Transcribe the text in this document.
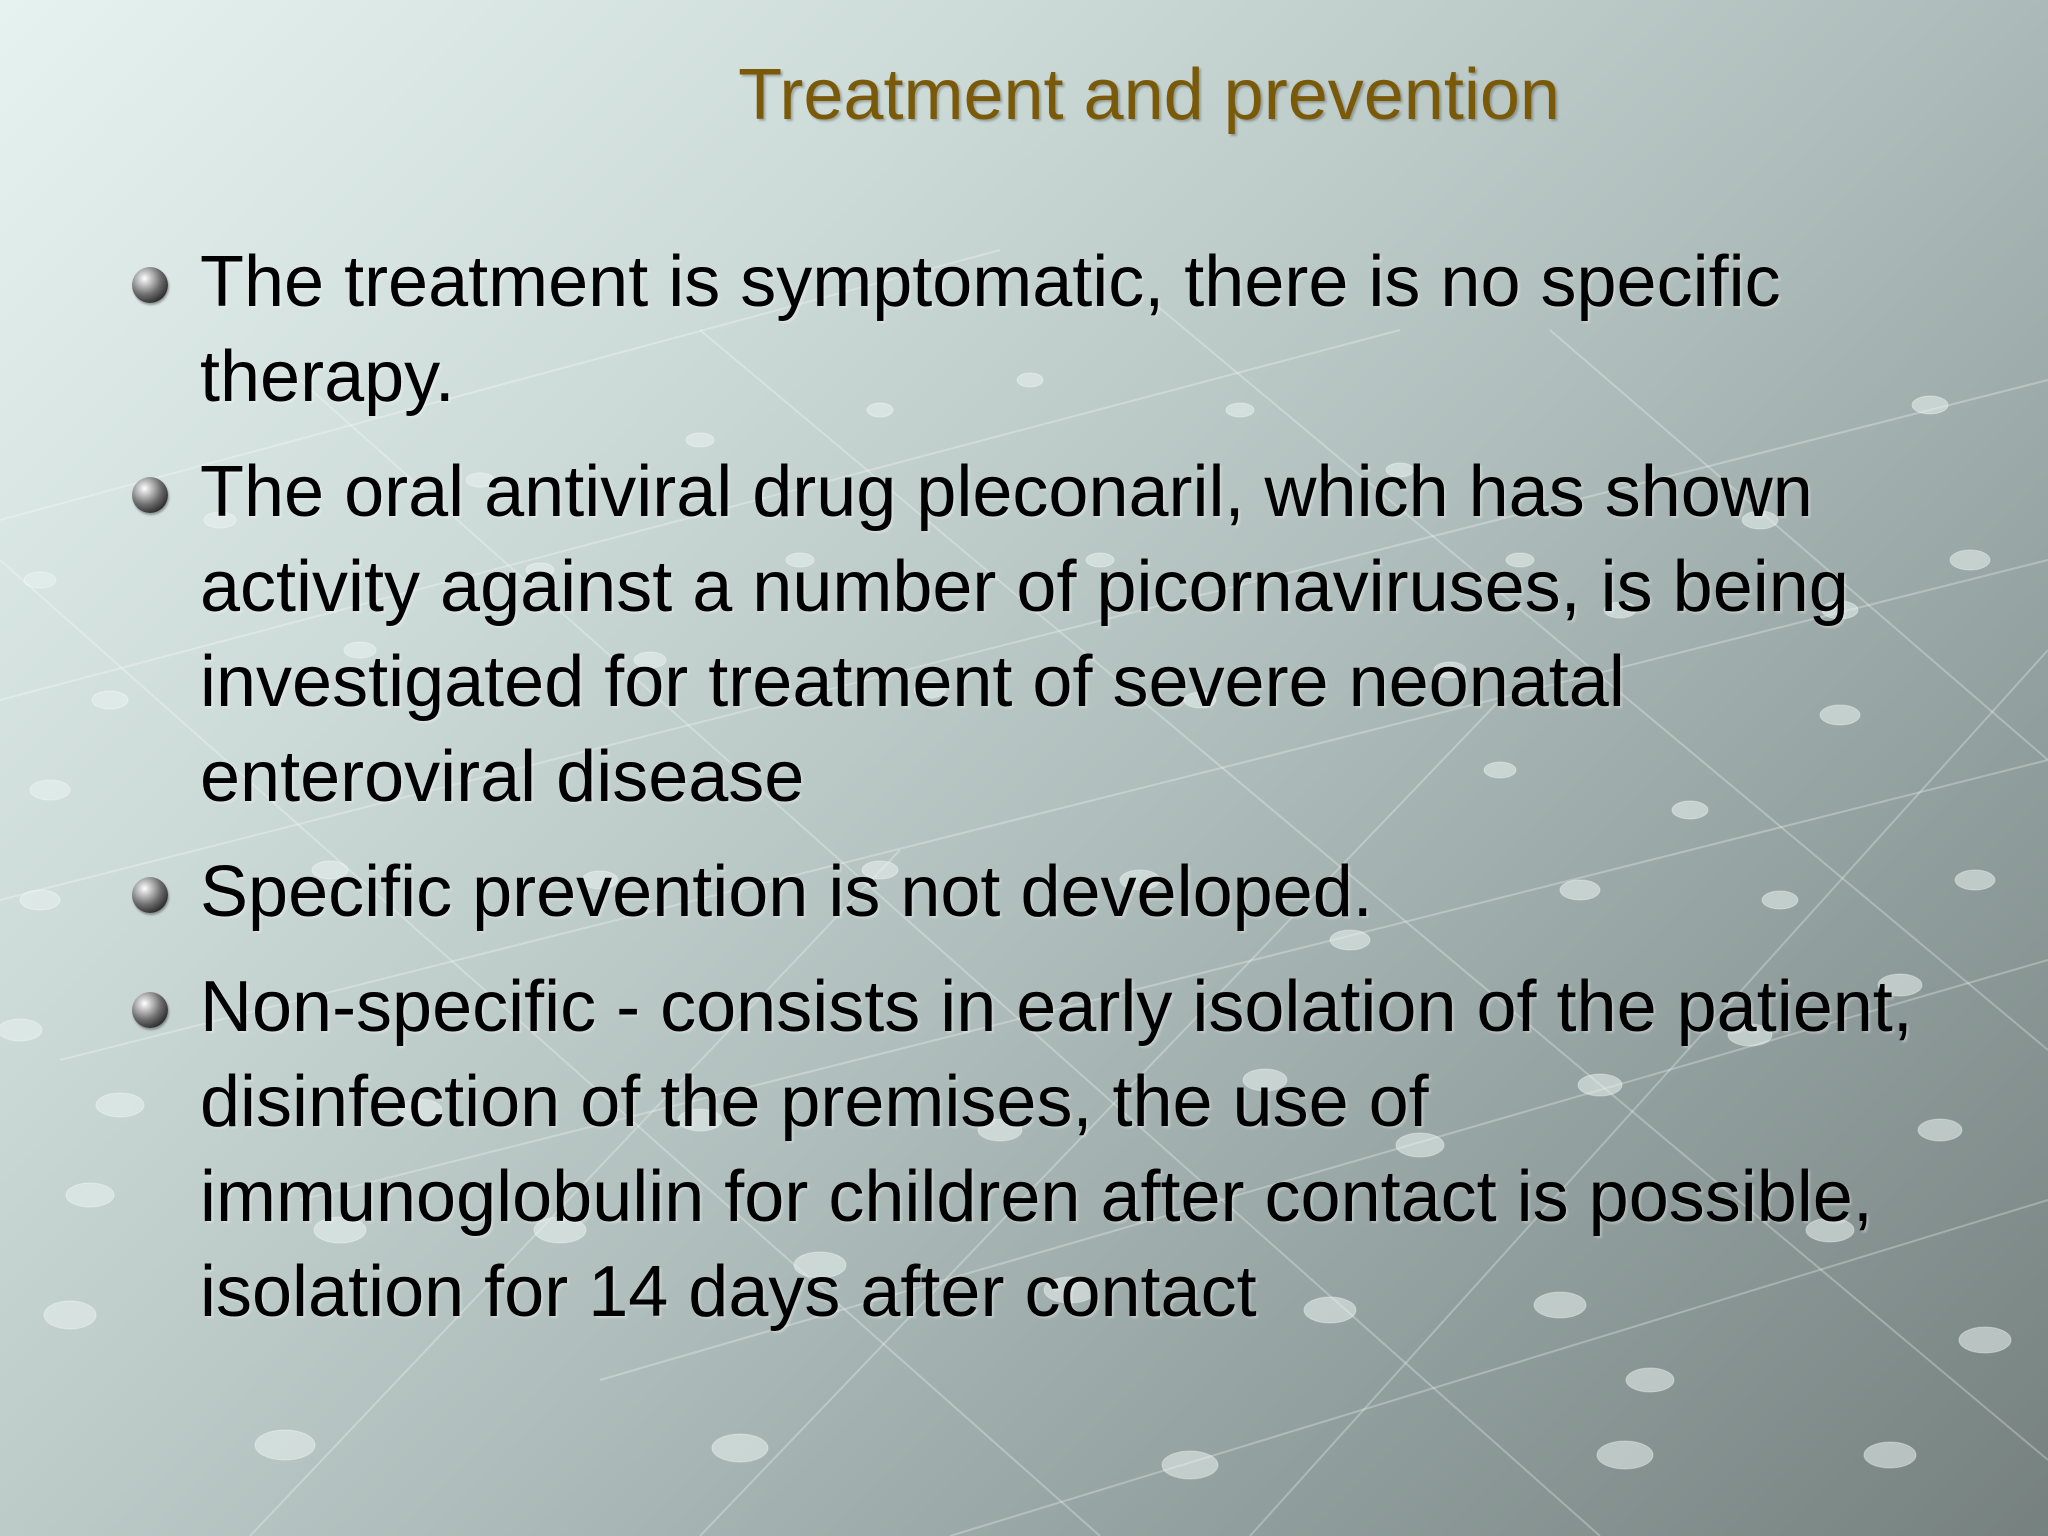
Treatment and prevention
The treatment is symptomatic, there is no specific therapy.
The oral antiviral drug pleconaril, which has shown activity against a number of picornaviruses, is being investigated for treatment of severe neonatal enteroviral disease
Specific prevention is not developed.
Non-specific - consists in early isolation of the patient, disinfection of the premises, the use of immunoglobulin for children after contact is possible, isolation for 14 days after contact
